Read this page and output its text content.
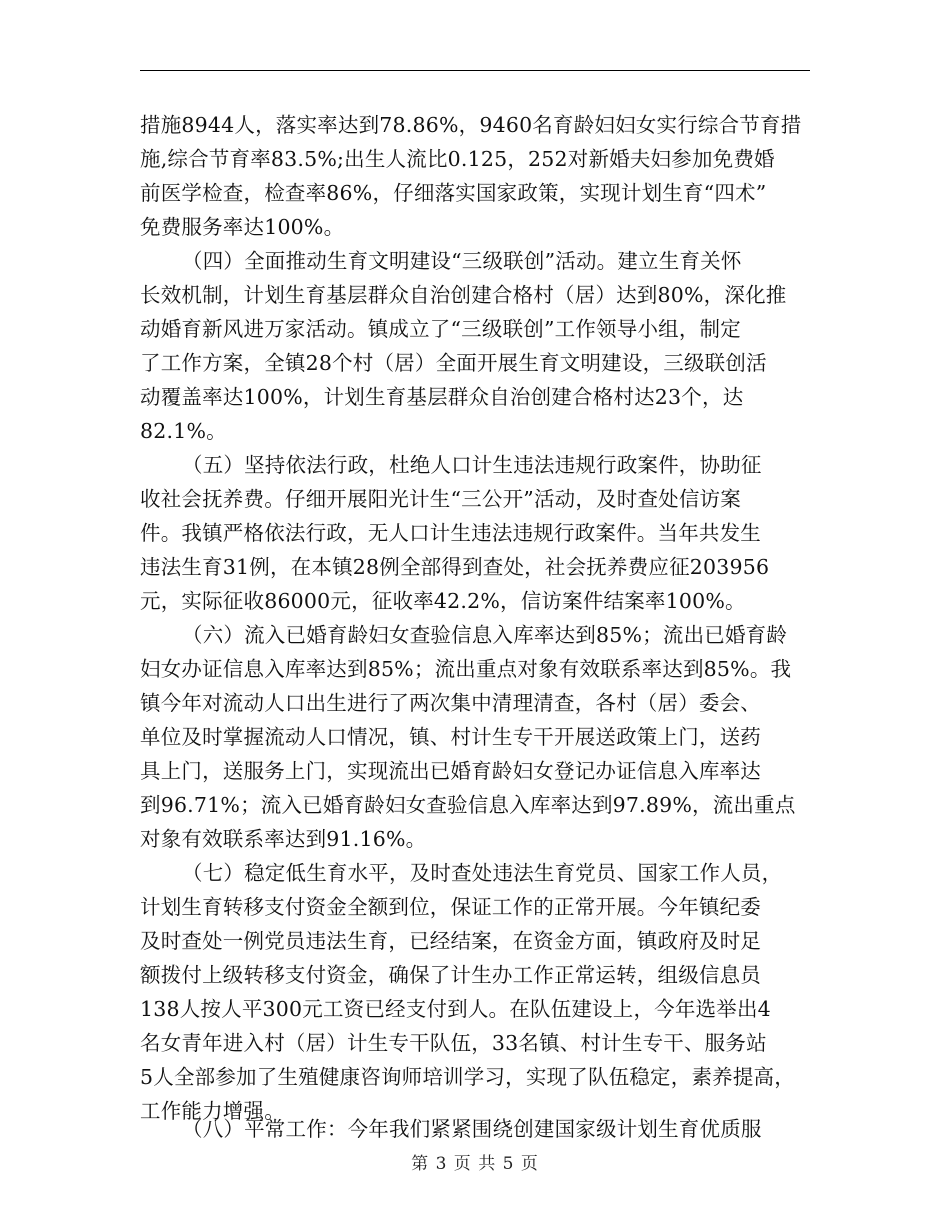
措施8944人，落实率达到78.86%，9460名育龄妇妇女实行综合节育措
施,综合节育率83.5%;出生人流比0.125，252对新婚夫妇参加免费婚
前医学检查，检查率86%，仔细落实国家政策，实现计划生育“四术”
免费服务率达100%。
（四）全面推动生育文明建设“三级联创”活动。建立生育关怀
长效机制，计划生育基层群众自治创建合格村（居）达到80%，深化推
动婚育新风进万家活动。镇成立了“三级联创”工作领导小组，制定
了工作方案，全镇28个村（居）全面开展生育文明建设，三级联创活
动覆盖率达100%，计划生育基层群众自治创建合格村达23个，达
82.1%。
（五）坚持依法行政，杜绝人口计生违法违规行政案件，协助征
收社会抚养费。仔细开展阳光计生“三公开”活动，及时查处信访案
件。我镇严格依法行政，无人口计生违法违规行政案件。当年共发生
违法生育31例，在本镇28例全部得到查处，社会抚养费应征203956
元，实际征收86000元，征收率42.2%，信访案件结案率100%。
（六）流入已婚育龄妇女查验信息入库率达到85%；流出已婚育龄
妇女办证信息入库率达到85%；流出重点对象有效联系率达到85%。我
镇今年对流动人口出生进行了两次集中清理清查，各村（居）委会、
单位及时掌握流动人口情况，镇、村计生专干开展送政策上门，送药
具上门，送服务上门，实现流出已婚育龄妇女登记办证信息入库率达
到96.71%；流入已婚育龄妇女查验信息入库率达到97.89%，流出重点
对象有效联系率达到91.16%。
（七）稳定低生育水平，及时查处违法生育党员、国家工作人员，
计划生育转移支付资金全额到位，保证工作的正常开展。今年镇纪委
及时查处一例党员违法生育，已经结案，在资金方面，镇政府及时足
额拨付上级转移支付资金，确保了计生办工作正常运转，组级信息员
138人按人平300元工资已经支付到人。在队伍建设上，今年选举出4
名女青年进入村（居）计生专干队伍，33名镇、村计生专干、服务站
5人全部参加了生殖健康咨询师培训学习，实现了队伍稳定，素养提高，
工作能力增强。
（八）平常工作：今年我们紧紧围绕创建国家级计划生育优质服
第 3 页 共 5 页
